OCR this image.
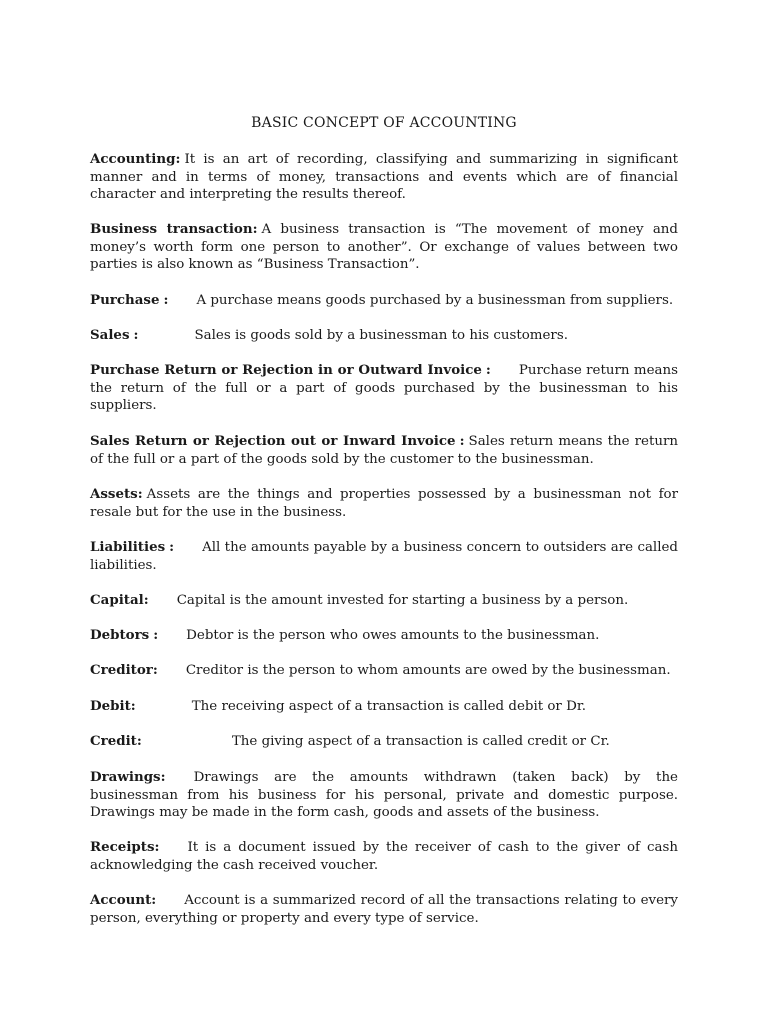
BASIC CONCEPT OF ACCOUNTING
Accounting: It is an art of recording, classifying and summarizing in significant manner and in terms of money, transactions and events which are of financial character and interpreting the results thereof.
Business transaction: A business transaction is “The movement of money and money’s worth form one person to another”. Or exchange of values between two parties is also known as “Business Transaction”.
Purchase : A purchase means goods purchased by a businessman from suppliers.
Sales :	Sales is goods sold by a businessman to his customers.
Purchase Return or Rejection in or Outward Invoice : Purchase return means the return of the full or a part of goods purchased by the businessman to his suppliers.
Sales Return or Rejection out or Inward Invoice : Sales return means the return of the full or a part of the goods sold by the customer to the businessman.
Assets: Assets are the things and properties possessed by a businessman not for resale but for the use in the business.
Liabilities : All the amounts payable by a business concern to outsiders are called liabilities.
Capital: Capital is the amount invested for starting a business by a person.
Debtors : Debtor is the person who owes amounts to the businessman.
Creditor: Creditor is the person to whom amounts are owed by the businessman.
Debit:	The receiving aspect of a transaction is called debit or Dr.
Credit:	The giving aspect of a transaction is called credit or Cr.
Drawings: Drawings are the amounts withdrawn (taken back) by the businessman from his business for his personal, private and domestic purpose. Drawings may be made in the form cash, goods and assets of the business.
Receipts: It is a document issued by the receiver of cash to the giver of cash acknowledging the cash received voucher.
Account: Account is a summarized record of all the transactions relating to every person, everything or property and every type of service.
